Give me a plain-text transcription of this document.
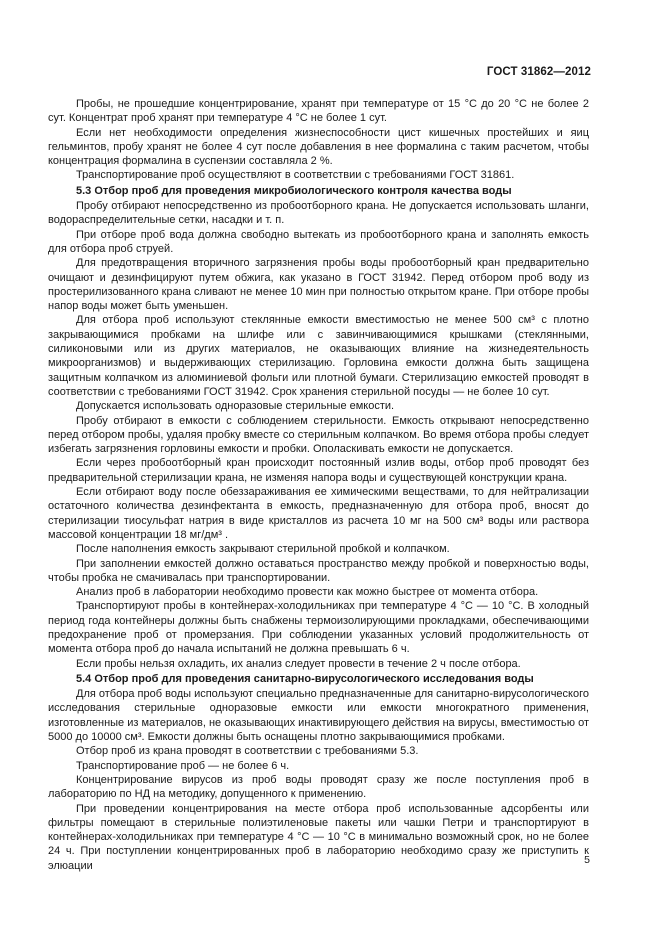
ГОСТ 31862—2012

Пробы, не прошедшие концентрирование, хранят при температуре от 15 °С до 20 °С не более 2 сут. Концентрат проб хранят при температуре 4 °С не более 1 сут.

Если нет необходимости определения жизнеспособности цист кишечных простейших и яиц гельминтов, пробу хранят не более 4 сут после добавления в нее формалина с таким расчетом, чтобы концентрация формалина в суспензии составляла 2 %.

Транспортирование проб осуществляют в соответствии с требованиями ГОСТ 31861.

5.3 Отбор проб для проведения микробиологического контроля качества воды

Пробу отбирают непосредственно из пробоотборного крана. Не допускается использовать шланги, водораспределительные сетки, насадки и т. п.

При отборе проб вода должна свободно вытекать из пробоотборного крана и заполнять емкость для отбора проб струей.

Для предотвращения вторичного загрязнения пробы воды пробоотборный кран предварительно очищают и дезинфицируют путем обжига, как указано в ГОСТ 31942. Перед отбором проб воду из простерилизованного крана сливают не менее 10 мин при полностью открытом кране. При отборе пробы напор воды может быть уменьшен.

Для отбора проб используют стеклянные емкости вместимостью не менее 500 см³ с плотно закрывающимися пробками на шлифе или с завинчивающимися крышками (стеклянными, силиконовыми или из других материалов, не оказывающих влияние на жизнедеятельность микроорганизмов) и выдерживающих стерилизацию. Горловина емкости должна быть защищена защитным колпачком из алюминиевой фольги или плотной бумаги. Стерилизацию емкостей проводят в соответствии с требованиями ГОСТ 31942. Срок хранения стерильной посуды — не более 10 сут.

Допускается использовать одноразовые стерильные емкости.

Пробу отбирают в емкости с соблюдением стерильности. Емкость открывают непосредственно перед отбором пробы, удаляя пробку вместе со стерильным колпачком. Во время отбора пробы следует избегать загрязнения горловины емкости и пробки. Ополаскивать емкости не допускается.

Если через пробоотборный кран происходит постоянный излив воды, отбор проб проводят без предварительной стерилизации крана, не изменяя напора воды и существующей конструкции крана.

Если отбирают воду после обеззараживания ее химическими веществами, то для нейтрализации остаточного количества дезинфектанта в емкость, предназначенную для отбора проб, вносят до стерилизации тиосульфат натрия в виде кристаллов из расчета 10 мг на 500 см³ воды или раствора массовой концентрации 18 мг/дм³ .

После наполнения емкость закрывают стерильной пробкой и колпачком.

При заполнении емкостей должно оставаться пространство между пробкой и поверхностью воды, чтобы пробка не смачивалась при транспортировании.

Анализ проб в лаборатории необходимо провести как можно быстрее от момента отбора.

Транспортируют пробы в контейнерах-холодильниках при температуре 4 °С — 10 °С. В холодный период года контейнеры должны быть снабжены термоизолирующими прокладками, обеспечивающими предохранение проб от промерзания. При соблюдении указанных условий продолжительность от момента отбора проб до начала испытаний не должна превышать 6 ч.

Если пробы нельзя охладить, их анализ следует провести в течение 2 ч после отбора.

5.4 Отбор проб для проведения санитарно-вирусологического исследования воды

Для отбора проб воды используют специально предназначенные для санитарно-вирусологического исследования стерильные одноразовые емкости или емкости многократного применения, изготовленные из материалов, не оказывающих инактивирующего действия на вирусы, вместимостью от 5000 до 10000 см³. Емкости должны быть оснащены плотно закрывающимися пробками.

Отбор проб из крана проводят в соответствии с требованиями 5.3.

Транспортирование проб — не более 6 ч.

Концентрирование вирусов из проб воды проводят сразу же после поступления проб в лабораторию по НД на методику, допущенного к применению.

При проведении концентрирования на месте отбора проб использованные адсорбенты или фильтры помещают в стерильные полиэтиленовые пакеты или чашки Петри и транспортируют в контейнерах-холодильниках при температуре 4 °С — 10 °С в минимально возможный срок, но не более 24 ч. При поступлении концентрированных проб в лабораторию необходимо сразу же приступить к элюации	5
